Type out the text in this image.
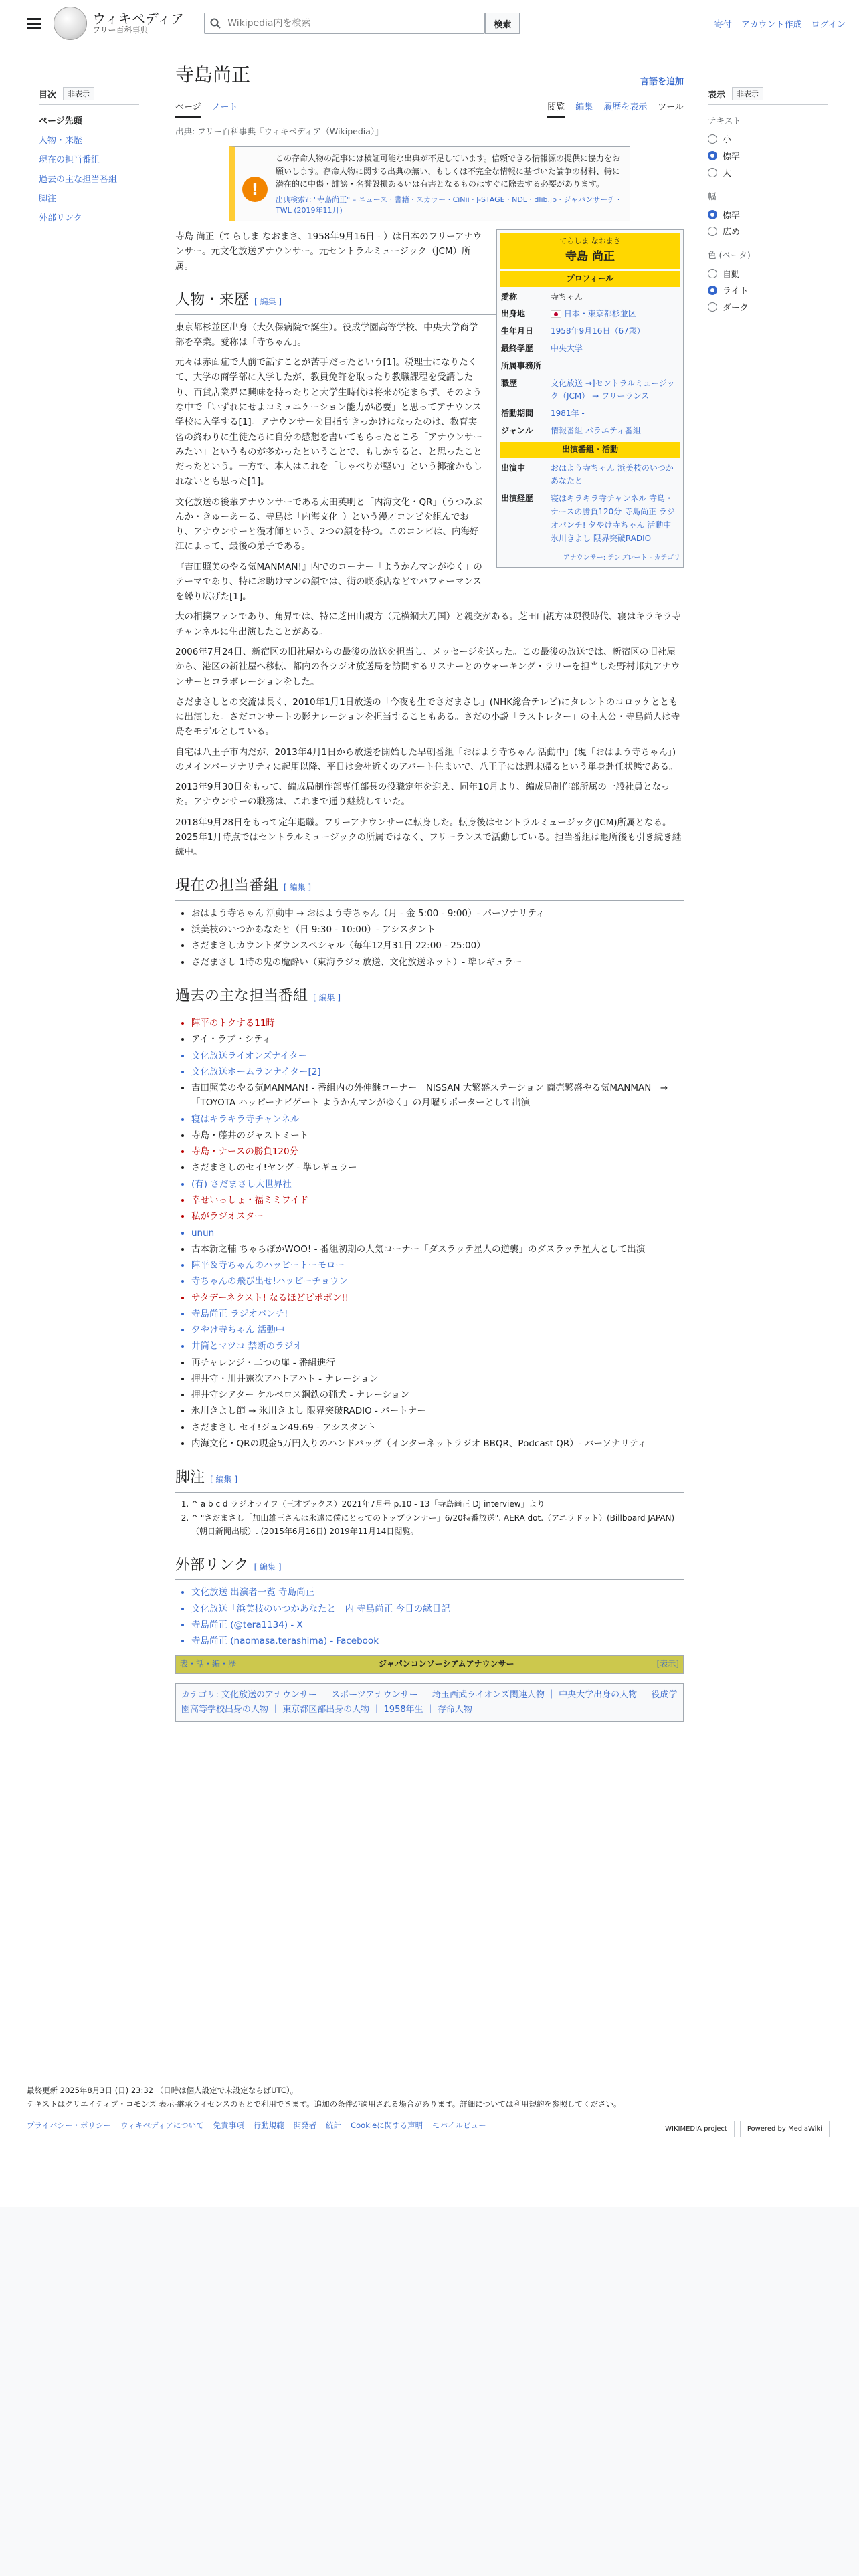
ウィキペディア
フリー百科事典
Wikipedia内を検索
検索	寄付 アカウント作成 ログイン
目次	非表示
ページ先頭
人物・来歴
現在の担当番組
過去の主な担当番組
脚注
外部リンク
表示	非表示
テキスト
小
標準
大
幅
標準
広め
色 (ベータ)
自動
ライト
ダーク
寺島尚正	言語を追加
ページ ノート	閲覧 編集 履歴を表示 ツール
出典: フリー百科事典『ウィキペディア（Wikipedia）』
!
この存命人物の記事には検証可能な出典が不足しています。信頼できる情報源の提供に協力をお願いします。存命人物に関する出典の無い、もしくは不完全な情報に基づいた論争の材料、特に潜在的に中傷・誹謗・名誉毀損あるいは有害となるものはすぐに除去する必要があります。
出典検索?: "寺島尚正" – ニュース · 書籍 · スカラー · CiNii · J-STAGE · NDL · dlib.jp · ジャパンサーチ · TWL (2019年11月)
てらしま なおまさ
寺島 尚正
プロフィール
愛称	寺ちゃん
出身地	日本・東京都杉並区
生年月日	1958年9月16日（67歳）
最終学歴	中央大学
所属事務所
職歴	文化放送 →]セントラルミュージック（JCM） → フリーランス
活動期間	1981年 -
ジャンル	情報番組 バラエティ番組
出演番組・活動
出演中	おはよう寺ちゃん 浜美枝のいつかあなたと
出演経歴	寝はキラキラ寺チャンネル 寺島・ナースの勝負120分 寺島尚正 ラジオパンチ! 夕やけ寺ちゃん 活動中 氷川きよし 限界突破RADIO
アナウンサー: テンプレート - カテゴリ

寺島 尚正（てらしま なおまさ、1958年9月16日 - ）は日本のフリーアナウンサー。元文化放送アナウンサー。元セントラルミュージック（JCM）所属。

人物・来歴 [ 編集 ]

東京都杉並区出身（大久保病院で誕生）。役成学園高等学校、中央大学商学部を卒業。愛称は「寺ちゃん」。

元々は赤面症で人前で話すことが苦手だったという[1]。税理士になりたくて、大学の商学部に入学したが、教員免許を取ったり教職課程を受講したり、百貨店業界に興味を持ったりと大学生時代は将来が定まらず、そのような中で「いずれにせよコミュニケーション能力が必要」と思ってアナウンス学校に入学する[1]。アナウンサーを目指すきっかけになったのは、教育実習の終わりに生徒たちに自分の感想を書いてもらったところ「アナウンサーみたい」というものが多かったということで、もしかすると、と思ったことだったという。一方で、本人はこれを「しゃべりが堅い」という揶揄かもしれないとも思った[1]。

文化放送の後輩アナウンサーである太田英明と「内海文化・QR」（うつみぶんか・きゅーあーる、寺島は「内海文化」）という漫才コンビを組んでおり、アナウンサーと漫才師という、2つの顔を持つ。このコンビは、内海好江によって、最後の弟子である。

『吉田照美のやる気MANMAN!』内でのコーナー「ようかんマンがゆく」のテーマであり、特にお助けマンの顔では、街の喫茶店などでパフォーマンスを繰り広げた[1]。

大の相撲ファンであり、角界では、特に芝田山親方（元横綱大乃国）と親交がある。芝田山親方は現役時代、寝はキラキラ寺チャンネルに生出演したことがある。

2006年7月24日、新宿区の旧社屋からの最後の放送を担当し、メッセージを送った。この最後の放送では、新宿区の旧社屋から、港区の新社屋へ移転、都内の各ラジオ放送局を訪問するリスナーとのウォーキング・ラリーを担当した野村邦丸アナウンサーとコラボレーションをした。

さだまさしとの交流は長く、2010年1月1日放送の「今夜も生でさだまさし」(NHK総合テレビ)にタレントのコロッケとともに出演した。さだコンサートの影ナレーションを担当することもある。さだの小説「ラストレター」の主人公・寺島尚人は寺島をモデルとしている。

自宅は八王子市内だが、2013年4月1日から放送を開始した早朝番組「おはよう寺ちゃん 活動中」(現「おはよう寺ちゃん」)のメインパーソナリティに起用以降、平日は会社近くのアパート住まいで、八王子には週末帰るという単身赴任状態である。

2013年9月30日をもって、編成局制作部専任部長の役職定年を迎え、同年10月より、編成局制作部所属の一般社員となった。アナウンサーの職務は、これまで通り継続していた。

2018年9月28日をもって定年退職。フリーアナウンサーに転身した。転身後はセントラルミュージック(JCM)所属となる。2025年1月時点ではセントラルミュージックの所属ではなく、フリーランスで活動している。担当番組は退所後も引き続き継続中。

現在の担当番組 [ 編集 ]
• おはよう寺ちゃん 活動中 → おはよう寺ちゃん（月 - 金 5:00 - 9:00）- パーソナリティ
• 浜美枝のいつかあなたと（日 9:30 - 10:00）- アシスタント
• さだまさしカウントダウンスペシャル（毎年12月31日 22:00 - 25:00）
• さだまさし 1時の鬼の魔酔い（東海ラジオ放送、文化放送ネット）- 準レギュラー
過去の主な担当番組 [ 編集 ]
• 陣平のトクする11時
• アイ・ラブ・シティ
• 文化放送ライオンズナイター
• 文化放送ホームランナイター[2]
• 吉田照美のやる気MANMAN! - 番組内の外伸継コーナー「NISSAN 大繁盛ステーション 商売繁盛やる気MANMAN」→「TOYOTA ハッピーナビゲート ようかんマンがゆく」の月曜リポーターとして出演
• 寝はキラキラ寺チャンネル
• 寺島・藤井のジャストミート
• 寺島・ナースの勝負120分
• さだまさしのセイ!ヤング - 準レギュラー
• (有) さだまさし大世界社
• 幸せいっしょ・福ミミワイド
• 私がラジオスター
• unun
• 古本新之輔 ちゃらぼかWOO! - 番組初期の人気コーナー「ダスラッテ星人の逆襲」のダスラッテ星人として出演
• 陣平＆寺ちゃんのハッピートーモロー
• 寺ちゃんの飛び出せ!ハッピーチョウン
• サタデーネクスト! なるほどピポポン!!
• 寺島尚正 ラジオパンチ!
• 夕やけ寺ちゃん 活動中
• 井筒とマツコ 禁断のラジオ
• 再チャレンジ・二つの扉 - 番組進行
• 押井守・川井憲次アハトアハト - ナレーション
• 押井守シアター ケルベロス鋼鉄の猟犬 - ナレーション
• 氷川きよし節 → 氷川きよし 限界突破RADIO - パートナー
• さだまさし セイ!ジュン49.69 - アシスタント
• 内海文化・QRの現金5万円入りのハンドバッグ（インターネットラジオ BBQR、Podcast QR）- パーソナリティ
脚注 [ 編集 ]
1. ^ a b c d ラジオライフ（三才ブックス）2021年7月号 p.10 - 13「寺島尚正 DJ interview」より
2. ^ "さだまさし「加山雄三さんは永遠に僕にとってのトップランナー」6/20特番放送". AERA dot.（アエラドット）(Billboard JAPAN)（朝日新聞出版）. (2015年6月16日) 2019年11月14日閲覧。
外部リンク [ 編集 ]
• 文化放送 出演者一覧 寺島尚正
• 文化放送「浜美枝のいつかあなたと」内 寺島尚正 今日の縁日記
• 寺島尚正 (@tera1134) - X
• 寺島尚正 (naomasa.terashima) - Facebook
表・話・編・歴	ジャパンコンソーシアムアナウンサー	[表示]
カテゴリ: 文化放送のアナウンサー ｜ スポーツアナウンサー ｜ 埼玉西武ライオンズ関連人物 ｜ 中央大学出身の人物 ｜ 役成学園高等学校出身の人物 ｜ 東京都区部出身の人物 ｜ 1958年生 ｜ 存命人物

最終更新 2025年8月3日 (日) 23:32 （日時は個人設定で未設定ならばUTC）。

テキストはクリエイティブ・コモンズ 表示-継承ライセンスのもとで利用できます。追加の条件が適用される場合があります。詳細については利用規約を参照してください。

プライバシー・ポリシー ウィキペディアについて 免責事項 行動規範 開発者 統計 Cookieに関する声明 モバイルビュー	WIKIMEDIA project	Powered by MediaWiki
